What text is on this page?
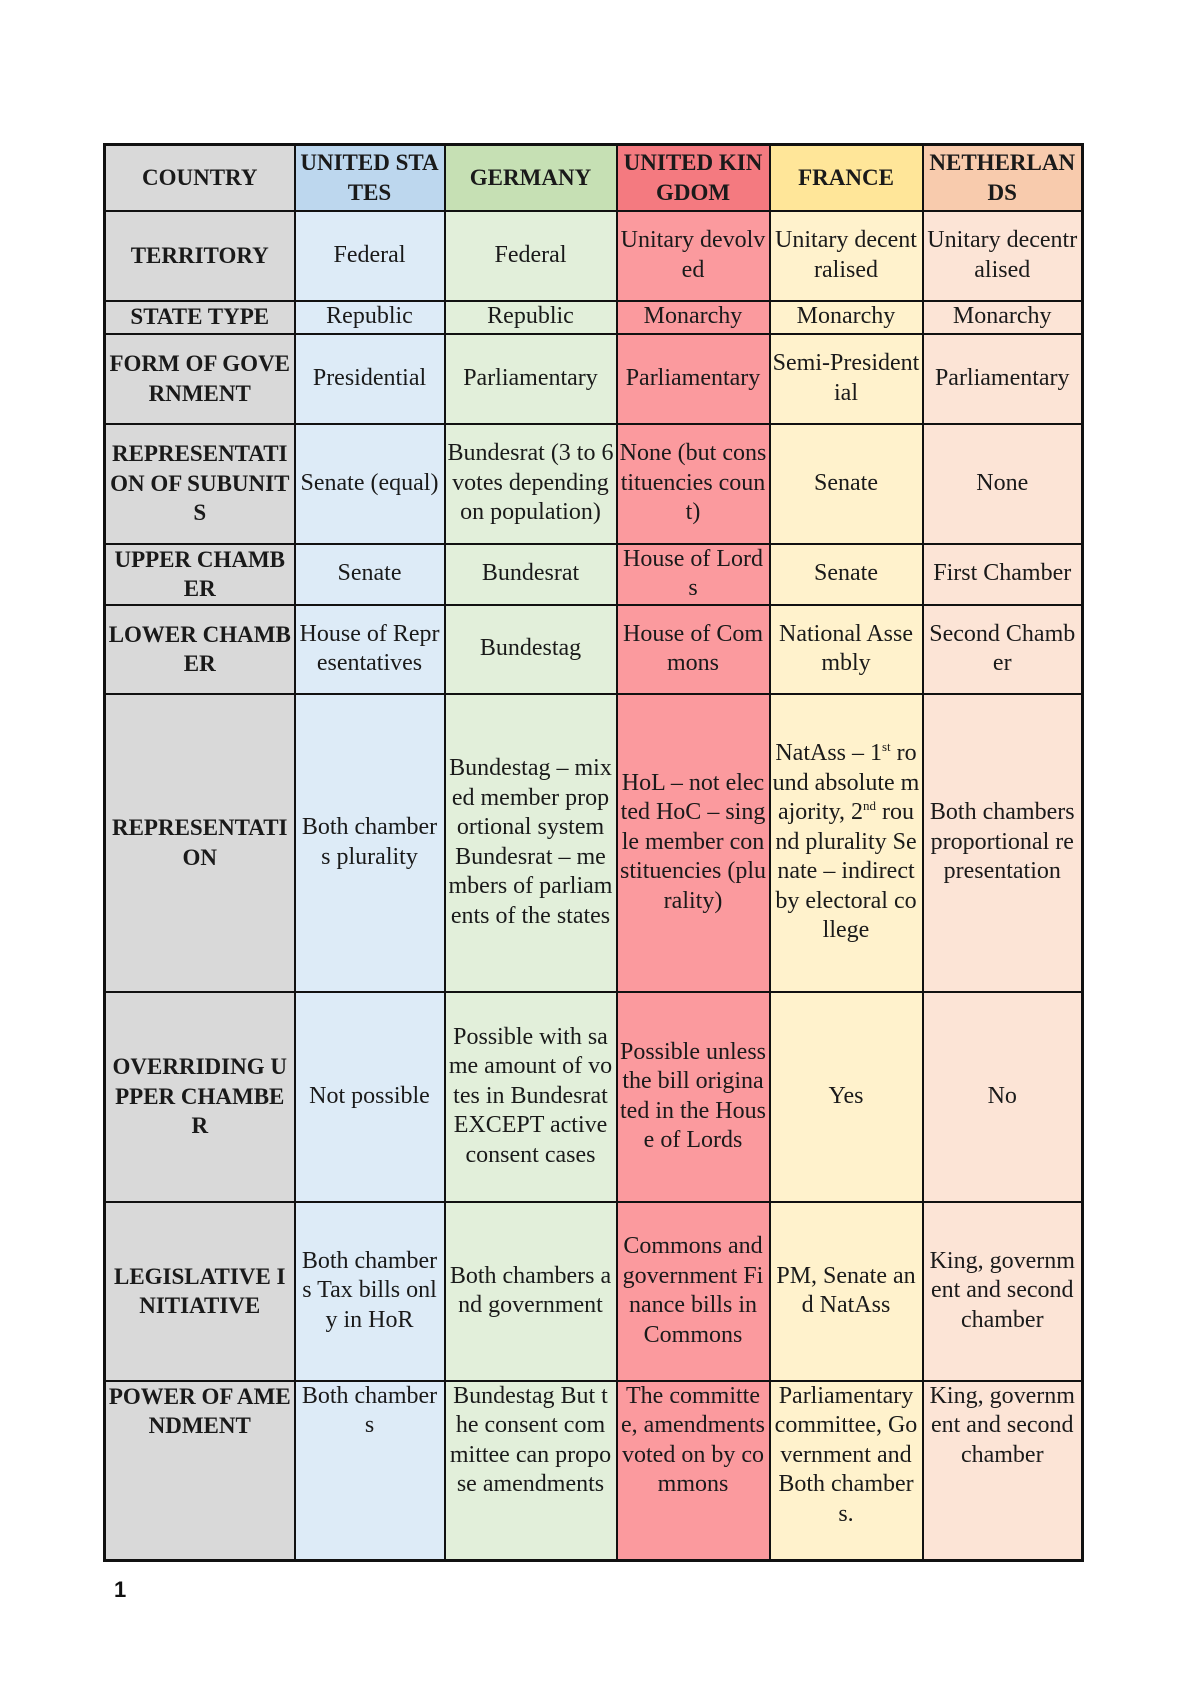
COUNTRY	UNITED STATES	GERMANY	UNITED KINGDOM	FRANCE	NETHERLANDS
TERRITORY	Federal	Federal	Unitary devolved	Unitary decentralised	Unitary decentralised
STATE TYPE	Republic	Republic	Monarchy	Monarchy	Monarchy
FORM OF GOVERNMENT	Presidential	Parliamentary	Parliamentary	Semi-Presidential	Parliamentary
REPRESENTATION OF SUBUNITS	Senate (equal)	Bundesrat (3 to 6 votes depending on population)	None (but constituencies count)	Senate	None
UPPER CHAMBER	Senate	Bundesrat	House of Lords	Senate	First Chamber
LOWER CHAMBER	House of Representatives	Bundestag	House of Commons	National Assembly	Second Chamber
REPRESENTATION	Both chambers plurality	Bundestag – mixed member proportional system Bundesrat – members of parliaments of the states	HoL – not elected HoC – single member constituencies (plurality)	NatAss – 1st round absolute majority, 2nd round plurality Senate – indirect by electoral college	Both chambers proportional representation
OVERRIDING UPPER CHAMBER	Not possible	Possible with same amount of votes in Bundesrat EXCEPT active consent cases	Possible unless the bill originated in the House of Lords	Yes	No
LEGISLATIVE INITIATIVE	Both chambers Tax bills only in HoR	Both chambers and government	Commons and government Finance bills in Commons	PM, Senate and NatAss	King, government and second chamber
POWER OF AMENDMENT	Both chambers	Bundestag But the consent committee can propose amendments	The committee, amendments voted on by commons	Parliamentary committee, Government and Both chambers.	King, government and second chamber
1
